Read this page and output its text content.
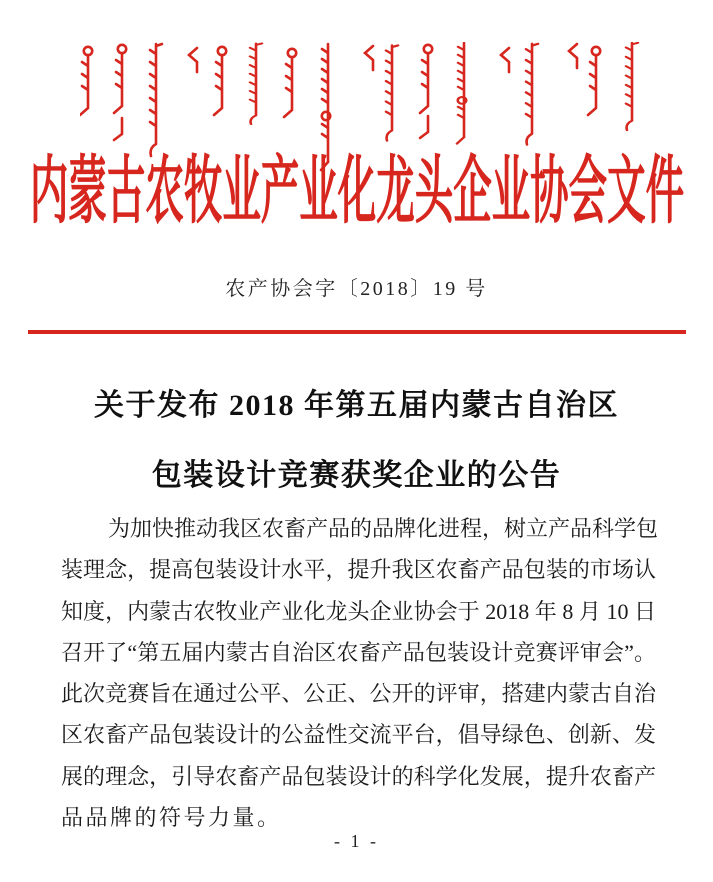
内蒙古农牧业产业化龙头企业协会文件
农产协会字〔2018〕19 号
关于发布 2018 年第五届内蒙古自治区
包装设计竞赛获奖企业的公告
为加快推动我区农畜产品的品牌化进程，树立产品科学包
装理念，提高包装设计水平，提升我区农畜产品包装的市场认
知度，内蒙古农牧业产业化龙头企业协会于 2018 年 8 月 10 日
召开了“第五届内蒙古自治区农畜产品包装设计竞赛评审会”。
此次竞赛旨在通过公平、公正、公开的评审，搭建内蒙古自治
区农畜产品包装设计的公益性交流平台，倡导绿色、创新、发
展的理念，引导农畜产品包装设计的科学化发展，提升农畜产
品品牌的符号力量。
- 1 -
